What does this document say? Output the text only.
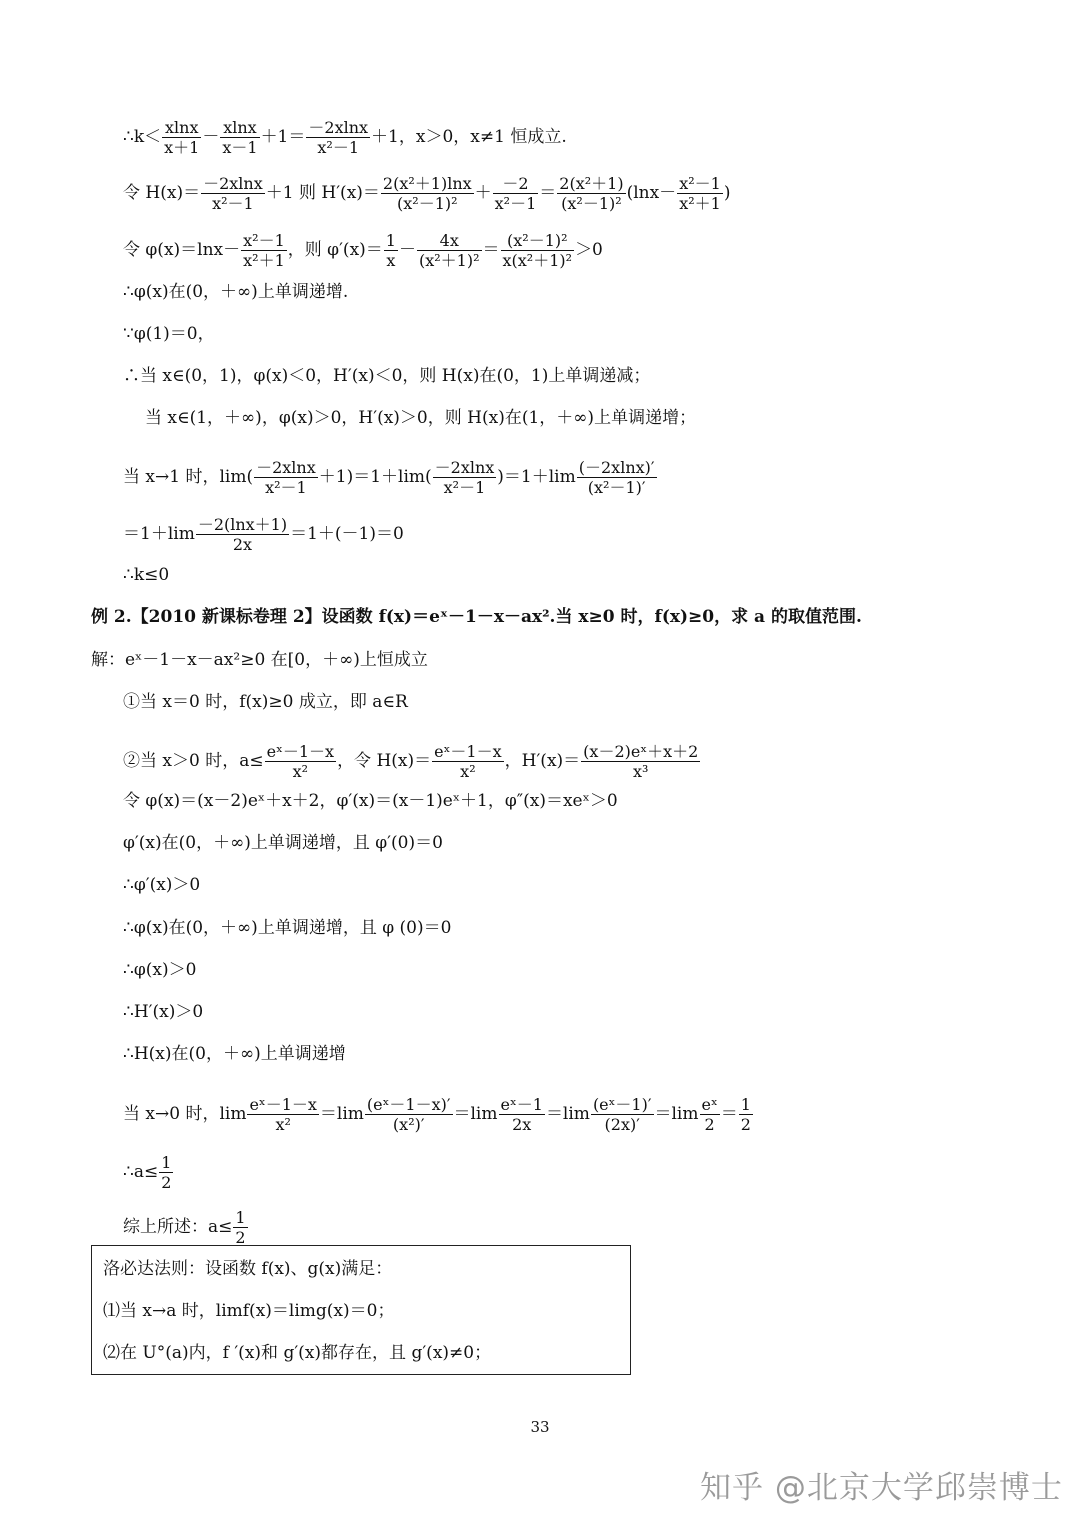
∴k＜ $\frac{xlnx}{x+1} - \frac{xlnx}{x-1} +1= \frac{-2xlnx}{\text{x²－1}} +1$，x＞0，x≠1 恒成立.
令 $H(x)= \frac{-2xlnx}{\text{x²－1}} +1$ 则 $H'(x)= \frac{\text{2(x²＋1)lnx}}{\text{(x²－1)²}} + \frac{-2}{\text{x²－1}} = \frac{\text{2(x²＋1)}}{\text{(x²－1)²}} (\ln x- \frac{\text{x²－1}}{\text{x²＋1}}$ )
令 $\varphi(x)=\ln x- \frac{\text{x²－1}}{\text{x²＋1}}$ ，则 $\varphi'(x)= \frac{1}{x} - \frac{4x}{\text{(x²＋1)²}} = \frac{\text{(x²－1)²}}{\text{x(x²＋1)²}} >0$
∴φ(x)在(0，＋∞)上单调递增.
∵φ(1)＝0，
∴当 x∈(0，1)，φ(x)＜0，H′(x)＜0，则 H(x)在(0，1)上单调递减；
当 x∈(1，＋∞)，φ(x)＞0，H′(x)＞0，则 H(x)在(1，＋∞)上单调递增；
当 x→1 时，$\lim( \frac{-2xlnx}{\text{x²－1}} +1)=1+\lim( \frac{-2xlnx}{\text{x²－1}} )=1+\lim \frac{(-2xlnx)'}{\text{(x²－1)′}}$
$=1+\lim \frac{-2(\ln x+1)}{2x} =1+(-1)=0$
∴k≤0
例 2.【2010 新课标卷理 2】设函数 f(x)＝eˣ－1－x－ax².当 x≥0 时，f(x)≥0，求 a 的取值范围.
解：eˣ－1－x－ax²≥0 在[0，＋∞)上恒成立
①当 x＝0 时，f(x)≥0 成立，即 a∈R
②当 x＞0 时，$a\le \frac{\text{eˣ－1－x}}{\text{x²}}$ ，令 $H(x)= \frac{\text{eˣ－1－x}}{\text{x²}}$ ，$H'(x)= \frac{\text{(x－2)eˣ＋x＋2}}{\text{x³}}$
令 φ(x)＝(x－2)eˣ＋x＋2，φ′(x)＝(x－1)eˣ＋1，φ″(x)＝xeˣ＞0
φ′(x)在(0，＋∞)上单调递增，且 φ′(0)＝0
∴φ′(x)＞0
∴φ(x)在(0，＋∞)上单调递增，且 φ (0)＝0
∴φ(x)＞0
∴H′(x)＞0
∴H(x)在(0，＋∞)上单调递增
当 x→0 时，$\lim \frac{\text{eˣ－1－x}}{\text{x²}} =\lim \frac{\text{(eˣ－1－x)′}}{\text{(x²)′}} =\lim \frac{\text{eˣ－1}}{2x} =\lim \frac{\text{(eˣ－1)′}}{(2x)'} =\lim \frac{\text{eˣ}}{2} = \frac{1}{2}$
∴a≤ $\frac{1}{2}$
综上所述：$a\le \frac{1}{2}$
洛必达法则：设函数 f(x)、g(x)满足：
⑴当 x→a 时，limf(x)＝limg(x)＝0；
⑵在 U°(a)内，f ′(x)和 g′(x)都存在，且 g′(x)≠0；
33
知乎 @北京大学邱崇博士
